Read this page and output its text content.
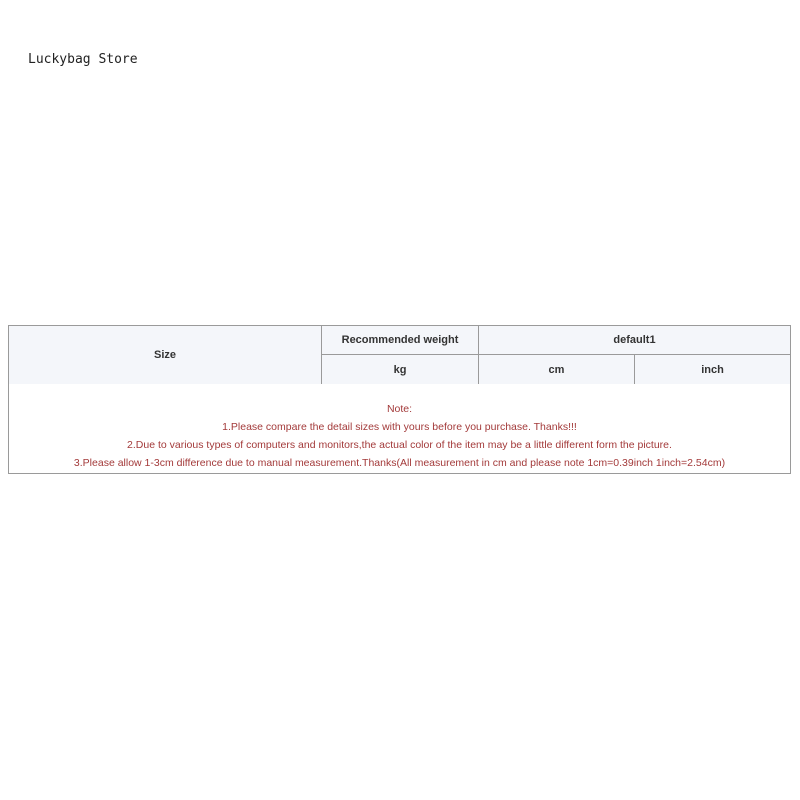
Luckybag Store
Size
Recommended weight	default1
kg	cm	inch
Note:
1.Please compare the detail sizes with yours before you purchase. Thanks!!!
2.Due to various types of computers and monitors,the actual color of the item may be a little different form the picture.
3.Please allow 1-3cm difference due to manual measurement.Thanks(All measurement in cm and please note 1cm=0.39inch 1inch=2.54cm)
